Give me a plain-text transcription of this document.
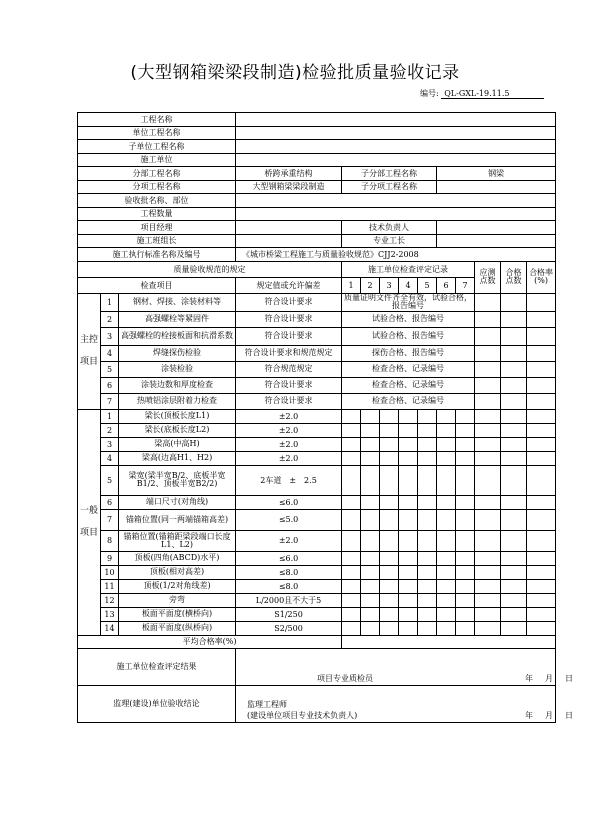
(大型钢箱梁梁段制造)检验批质量验收记录
编号: QL-GXL-19.11.5
工程名称													
单位工程名称													
子单位工程名称													
施工单位													
分部工程名称			桥跨承重结构	子分部工程名称					钢梁				
分项工程名称			大型钢箱梁梁段制造	子分项工程名称									
验收批名称、部位													
工程数量													
项目经理				技术负责人									
施工班组长				专业工长									
施工执行标准名称及编号			《城市桥梁工程施工与质量验收规范》CJJ2-2008										
质量验收规范的规定				施工单位检查评定记录							应测点数	合格点数	合格率(%)
检查项目			规定值或允许偏差	1	2	3	4	5	6	7			
主控项目	1	钢材、焊接、涂装材料等	符合设计要求	质量证明文件齐全有效，试验合格，报告编号									
	2	高强螺栓等紧固件	符合设计要求	试验合格、报告编号									
	3	高强螺栓的栓接板面和抗滑系数	符合设计要求	试验合格、报告编号									
	4	焊缝探伤检验	符合设计要求和规范规定	探伤合格、报告编号									
	5	涂装检验	符合规范规定	检查合格、记录编号									
	6	涂装边数和厚度检查	符合设计要求	检查合格、记录编号									
	7	热喷铝涂层附着力检查	符合设计要求	检查合格、记录编号									
一般项目	1	梁长(顶板长度L1)	±2.0										
	2	梁长(底板长度L2)	±2.0										
	3	梁高(中高H)	±2.0										
	4	梁高(边高H1、H2)	±2.0										
	5	梁宽(梁半宽B/2、底板半宽B1/2、顶板半宽B2/2)	2车道　±　2.5										
	6	端口尺寸(对角线)	≤6.0										
	7	锚箱位置(同一两端锚箱高差)	≤5.0										
	8	锚箱位置(锚箱距梁段端口长度L1、L2)	±2.0										
	9	顶板(四角(ABCD)水平)	≤6.0										
	10	顶板(相对高差)	≤8.0										
	11	顶板(1/2对角线差)	≤8.0										
	12	旁弯	L/2000且不大于5										
	13	板面平面度(横桥向)	S1/250										
	14	板面平面度(纵桥向)	S2/500										
平均合格率(%)													
施工单位检查评定结果			项目专业质检员 年 月 日										

监理(建设)单位验收结论			监理工程师
(建设单位项目专业技术负责人) 年 月 日										
